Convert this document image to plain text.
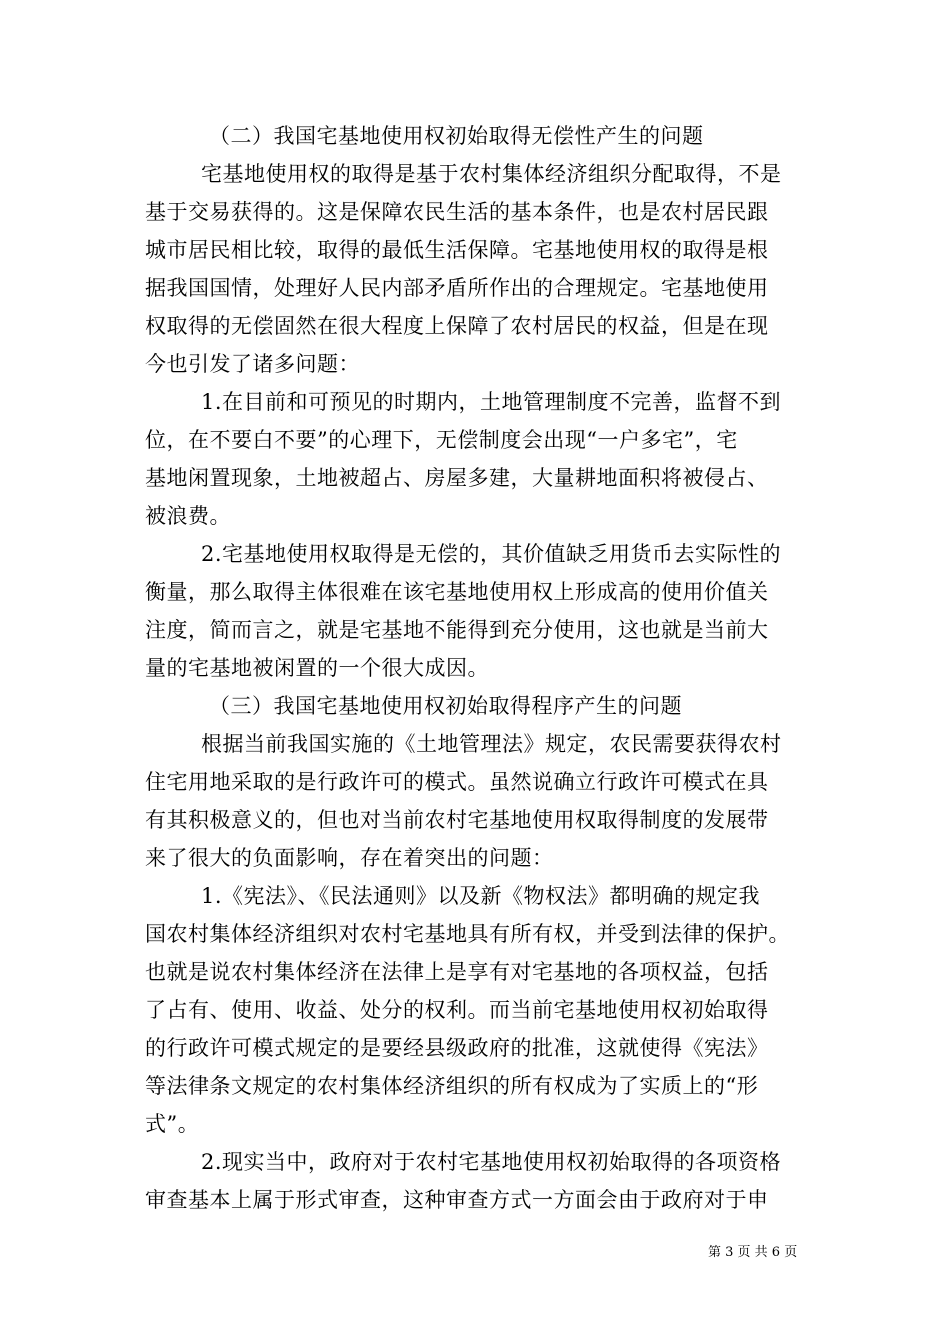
（二）我国宅基地使用权初始取得无偿性产生的问题
宅基地使用权的取得是基于农村集体经济组织分配取得，不是
基于交易获得的。这是保障农民生活的基本条件，也是农村居民跟
城市居民相比较，取得的最低生活保障。宅基地使用权的取得是根
据我国国情，处理好人民内部矛盾所作出的合理规定。宅基地使用
权取得的无偿固然在很大程度上保障了农村居民的权益，但是在现
今也引发了诸多问题：
1.在目前和可预见的时期内，土地管理制度不完善，监督不到
位，在不要白不要”的心理下，无偿制度会出现“一户多宅”，宅
基地闲置现象，土地被超占、房屋多建，大量耕地面积将被侵占、
被浪费。
2.宅基地使用权取得是无偿的，其价值缺乏用货币去实际性的
衡量，那么取得主体很难在该宅基地使用权上形成高的使用价值关
注度，简而言之，就是宅基地不能得到充分使用，这也就是当前大
量的宅基地被闲置的一个很大成因。
（三）我国宅基地使用权初始取得程序产生的问题
根据当前我国实施的《土地管理法》规定，农民需要获得农村
住宅用地采取的是行政许可的模式。虽然说确立行政许可模式在具
有其积极意义的，但也对当前农村宅基地使用权取得制度的发展带
来了很大的负面影响，存在着突出的问题：
1.《宪法》、《民法通则》以及新《物权法》都明确的规定我
国农村集体经济组织对农村宅基地具有所有权，并受到法律的保护。
也就是说农村集体经济在法律上是享有对宅基地的各项权益，包括
了占有、使用、收益、处分的权利。而当前宅基地使用权初始取得
的行政许可模式规定的是要经县级政府的批准，这就使得《宪法》
等法律条文规定的农村集体经济组织的所有权成为了实质上的“形
式”。
2.现实当中，政府对于农村宅基地使用权初始取得的各项资格
审查基本上属于形式审查，这种审查方式一方面会由于政府对于申
第 3 页 共 6 页
